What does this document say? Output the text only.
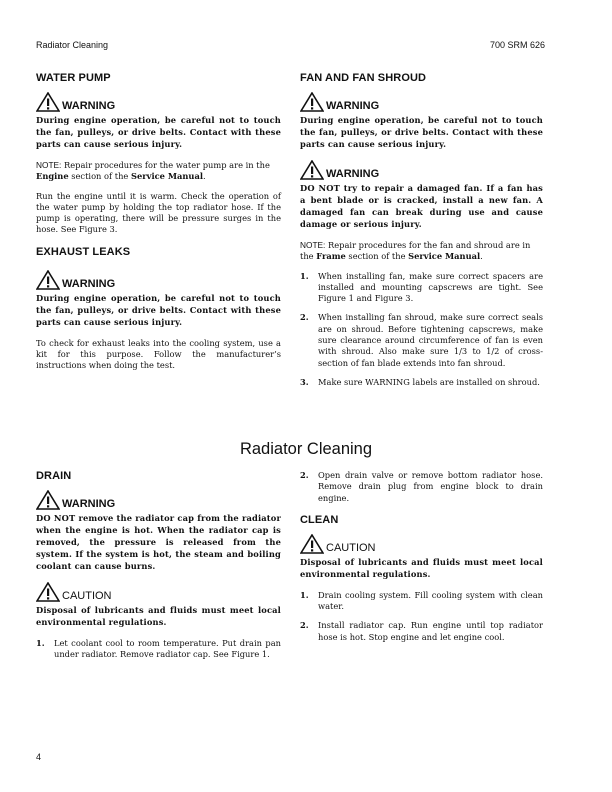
Radiator Cleaning	700 SRM 626
WATER PUMP
WARNING

During engine operation, be careful not to touch the fan, pulleys, or drive belts. Contact with these parts can cause serious injury.

NOTE: Repair procedures for the water pump are in the Engine section of the Service Manual.

Run the engine until it is warm. Check the operation of the water pump by holding the top radiator hose. If the pump is operating, there will be pressure surges in the hose. See Figure 3.

EXHAUST LEAKS
WARNING

During engine operation, be careful not to touch the fan, pulleys, or drive belts. Contact with these parts can cause serious injury.

To check for exhaust leaks into the cooling system, use a kit for this purpose. Follow the manufacturer’s instructions when doing the test.

FAN AND FAN SHROUD
WARNING

During engine operation, be careful not to touch the fan, pulleys, or drive belts. Contact with these parts can cause serious injury.

WARNING

DO NOT try to repair a damaged fan. If a fan has a bent blade or is cracked, install a new fan. A damaged fan can break during use and cause damage or serious injury.

NOTE: Repair procedures for the fan and shroud are in the Frame section of the Service Manual.

1.	When installing fan, make sure correct spacers are installed and mounting capscrews are tight. See Figure 1 and Figure 3.
2.	When installing fan shroud, make sure correct seals are on shroud. Before tightening capscrews, make sure clearance around circumference of fan is even with shroud. Also make sure 1/3 to 1/2 of cross-section of fan blade extends into fan shroud.
3.	Make sure WARNING labels are installed on shroud.
Radiator Cleaning
DRAIN
WARNING

DO NOT remove the radiator cap from the radiator when the engine is hot. When the radiator cap is removed, the pressure is released from the system. If the system is hot, the steam and boiling coolant can cause burns.

CAUTION

Disposal of lubricants and fluids must meet local environmental regulations.

1.	Let coolant cool to room temperature. Put drain pan under radiator. Remove radiator cap. See Figure 1.
2.	Open drain valve or remove bottom radiator hose. Remove drain plug from engine block to drain engine.
CLEAN
CAUTION

Disposal of lubricants and fluids must meet local environmental regulations.

1.	Drain cooling system. Fill cooling system with clean water.
2.	Install radiator cap. Run engine until top radiator hose is hot. Stop engine and let engine cool.
4
